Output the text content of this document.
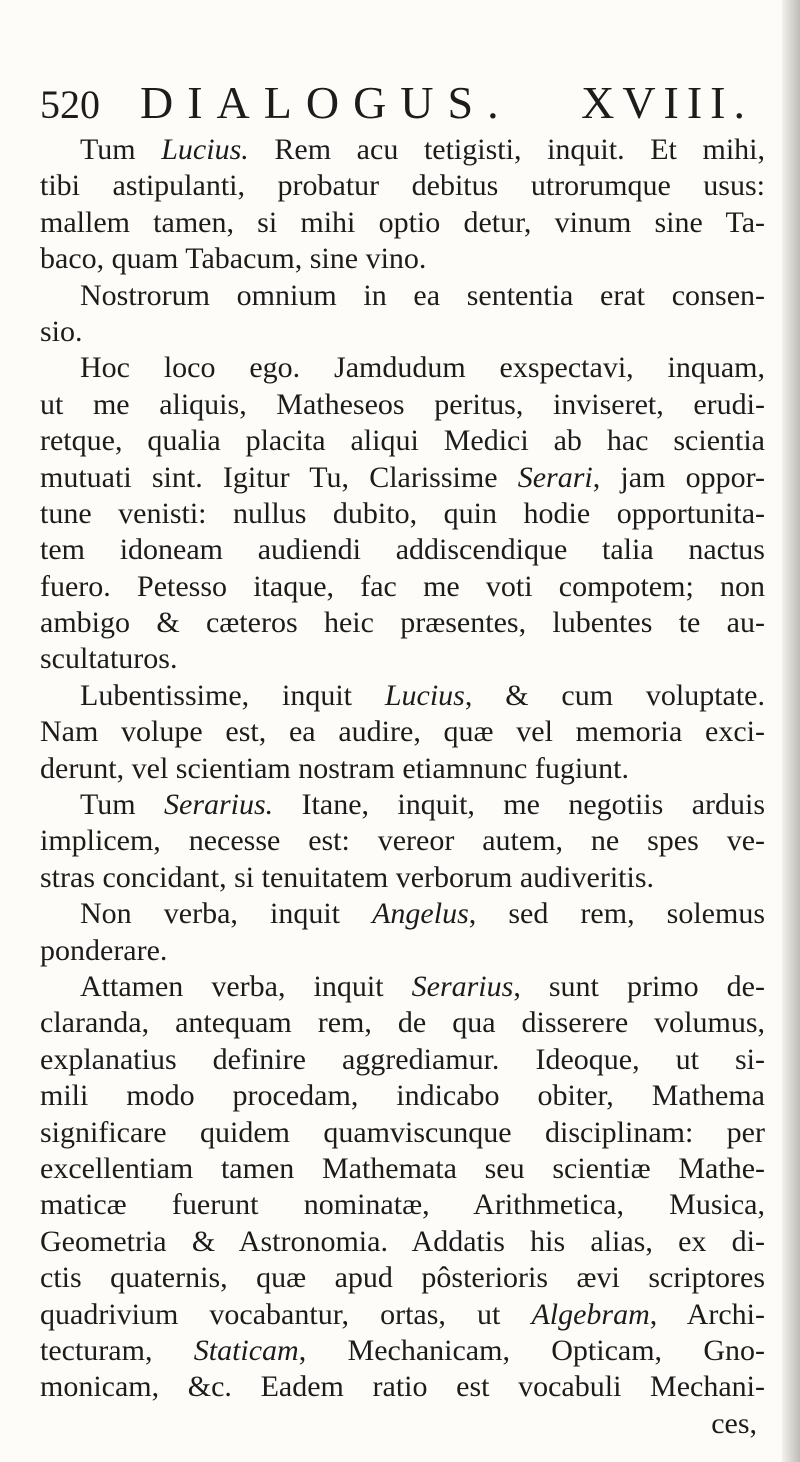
520 DIALOGUS.	XVIII.
Tum Lucius. Rem acu tetigisti, inquit. Et mihi,
tibi astipulanti, probatur debitus utrorumque usus:
mallem tamen, si mihi optio detur, vinum sine Ta-
baco, quam Tabacum, sine vino.
Nostrorum omnium in ea sententia erat consen-
sio.
Hoc loco ego. Jamdudum exspectavi, inquam,
ut me aliquis, Matheseos peritus, inviseret, erudi-
retque, qualia placita aliqui Medici ab hac scientia
mutuati sint. Igitur Tu, Clarissime Serari, jam oppor-
tune venisti: nullus dubito, quin hodie opportunita-
tem idoneam audiendi addiscendique talia nactus
fuero. Petesso itaque, fac me voti compotem; non
ambigo & cæteros heic præsentes, lubentes te au-
scultaturos.
Lubentissime, inquit Lucius, & cum voluptate.
Nam volupe est, ea audire, quæ vel memoria exci-
derunt, vel scientiam nostram etiamnunc fugiunt.
Tum Serarius. Itane, inquit, me negotiis arduis
implicem, necesse est: vereor autem, ne spes ve-
stras concidant, si tenuitatem verborum audiveritis.
Non verba, inquit Angelus, sed rem, solemus
ponderare.
Attamen verba, inquit Serarius, sunt primo de-
claranda, antequam rem, de qua disserere volumus,
explanatius definire aggrediamur. Ideoque, ut si-
mili modo procedam, indicabo obiter, Mathema
significare quidem quamviscunque disciplinam: per
excellentiam tamen Mathemata seu scientiæ Mathe-
maticæ fuerunt nominatæ, Arithmetica, Musica,
Geometria & Astronomia. Addatis his alias, ex di-
ctis quaternis, quæ apud pôsterioris ævi scriptores
quadrivium vocabantur, ortas, ut Algebram, Archi-
tecturam, Staticam, Mechanicam, Opticam, Gno-
monicam, &c. Eadem ratio est vocabuli Mechani-
ces,
